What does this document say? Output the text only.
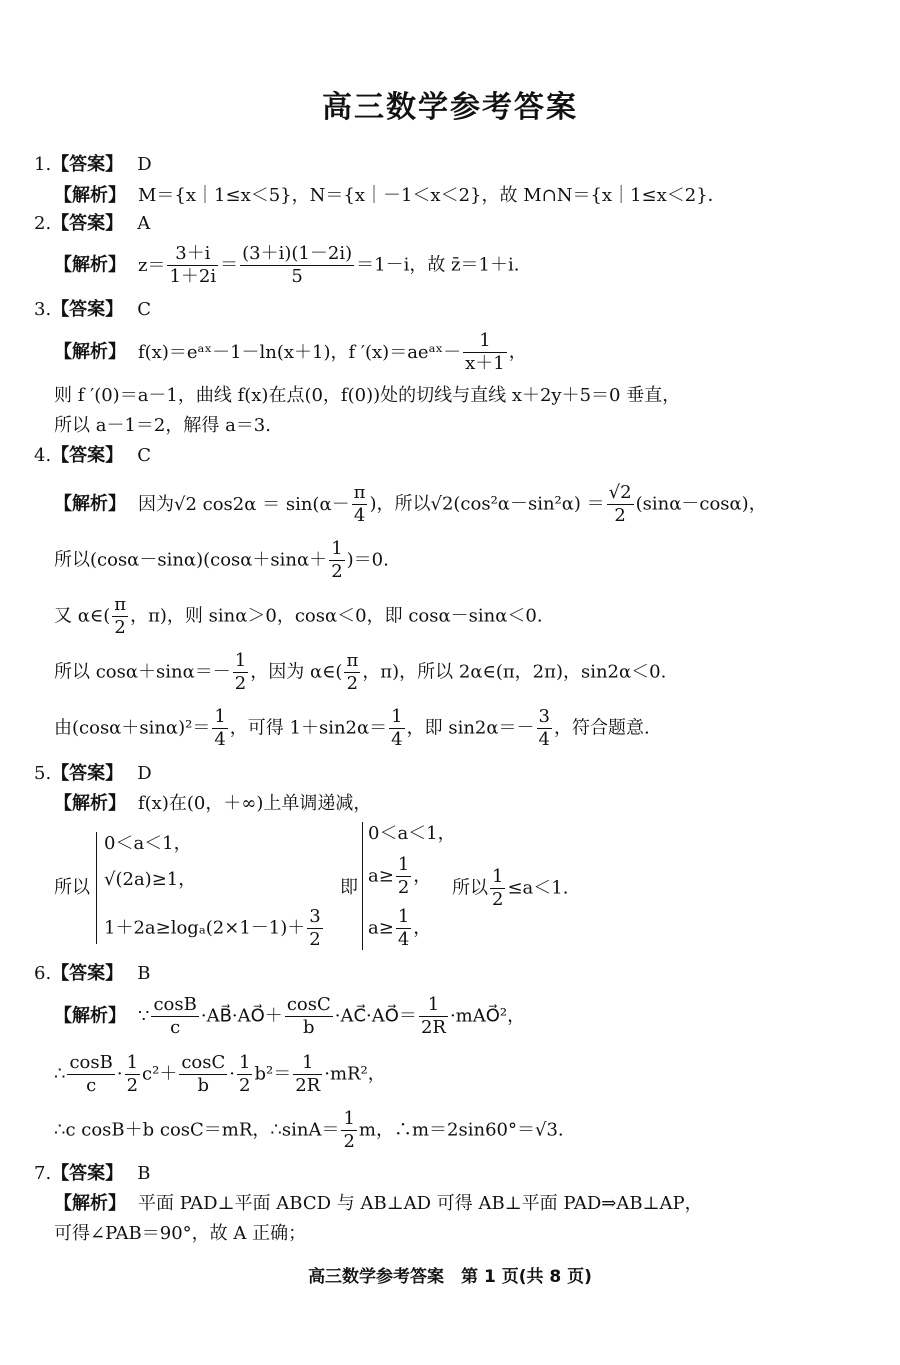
高三数学参考答案
1.【答案】 D
【解析】 M＝{x｜1≤x＜5}，N＝{x｜－1＜x＜2}，故 M∩N＝{x｜1≤x＜2}．
2.【答案】 A
【解析】 $z= \frac{3+i}{1+2i} = \frac{(3+i)(1-2i)}{5} =1-i$，故 z̄＝1＋i.
3.【答案】 C
【解析】 f(x)＝eᵃˣ－1－ln(x＋1)，f ′(x)＝aeᵃˣ－ $\frac{1}{x+1}$ ，
则 f ′(0)＝a－1，曲线 f(x)在点(0，f(0))处的切线与直线 x＋2y＋5＝0 垂直，
所以 a－1＝2，解得 a＝3.
4.【答案】 C
【解析】 因为√2 $\cos 2\alpha = \sin(\alpha- \frac{\pi}{4}$ )，所以$√2(\cos^2\alpha-\sin^2\alpha) = \frac{√2}{2} (\sin\alpha-\cos\alpha)$，
所以$(\cos\alpha-\sin\alpha)(\cos\alpha+\sin\alpha+ \frac{1}{2} )=0$.
又 α∈( $\frac{\pi}{2}$ ，π)，则 sinα＞0，cosα＜0，即 cosα－sinα＜0.
所以 $\cos\alpha+\sin\alpha=- \frac{1}{2}$ ，因为 α∈( $\frac{\pi}{2}$ ，π)，所以 2α∈(π，2π)，sin2α＜0.
由$(\cos\alpha+\sin\alpha)^2= \frac{1}{4}$ ，可得 $1+\sin 2\alpha= \frac{1}{4}$ ，即 $\sin 2\alpha=- \frac{3}{4}$ ，符合题意.
5.【答案】 D
【解析】 f(x)在(0，＋∞)上单调递减，
所以
0＜a＜1，
√(2a)≥1，
$1+2a\ge\log_a(2\times 1-1)+ \frac{3}{2}$
即
0＜a＜1，
$a\ge \frac{1}{2}$ ，
$a\ge \frac{1}{4}$ ，
所以 $\frac{1}{2} \le a<1$.
6.【答案】 B
【解析】 ∵ $\frac{\cos B}{c}$ ·AB⃗·AO⃗＋ $\frac{\cos C}{b}$ ·AC⃗·AO⃗＝ $\frac{1}{2R}$ ·mAO⃗²，
∴ $\frac{\cos B}{c} \cdot \frac{1}{2} c^2+ \frac{\cos C}{b} \cdot \frac{1}{2} b^2= \frac{1}{2R} \cdot mR^2$，
∴c cosB＋b cosC＝mR，∴sinA＝ $\frac{1}{2}$ m，∴m＝2sin60°＝√3.
7.【答案】 B
【解析】 平面 PAD⊥平面 ABCD 与 AB⊥AD 可得 AB⊥平面 PAD⇒AB⊥AP，
可得∠PAB＝90°，故 A 正确；
高三数学参考答案　第 1 页(共 8 页)
